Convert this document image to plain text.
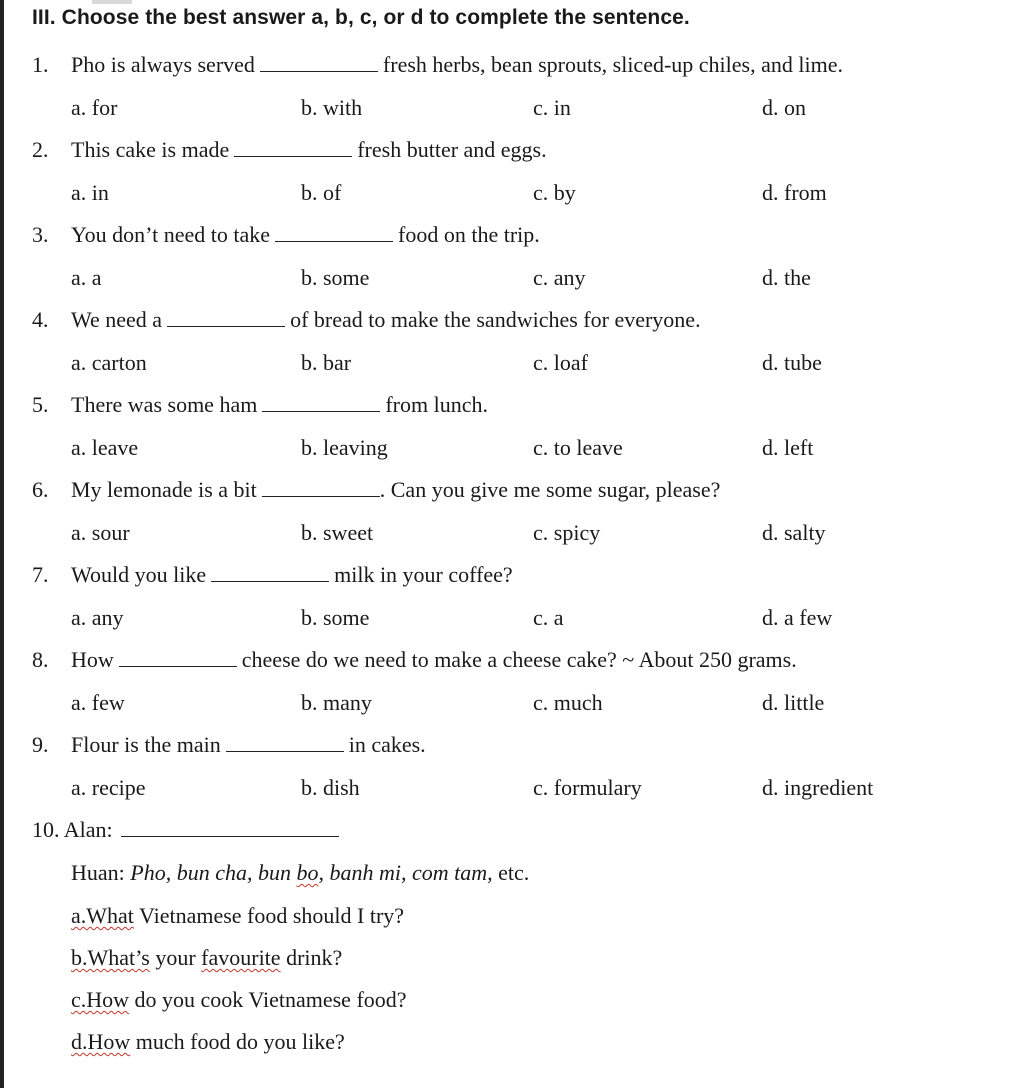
III. Choose the best answer a, b, c, or d to complete the sentence.
1. Pho is always served	fresh herbs, bean sprouts, sliced-up chiles, and lime.
a. for	b. with	c. in	d. on
2. This cake is made	fresh butter and eggs.
a. in	b. of	c. by	d. from
3. You don’t need to take	food on the trip.
a. a	b. some	c. any	d. the
4. We need a	of bread to make the sandwiches for everyone.
a. carton	b. bar	c. loaf	d. tube
5. There was some ham	from lunch.
a. leave	b. leaving	c. to leave	d. left
6. My lemonade is a bit	. Can you give me some sugar, please?
a. sour	b. sweet	c. spicy	d. salty
7. Would you like	milk in your coffee?
a. any	b. some	c. a	d. a few
8. How	cheese do we need to make a cheese cake? ~ About 250 grams.
a. few	b. many	c. much	d. little
9. Flour is the main	in cakes.
a. recipe	b. dish	c. formulary	d. ingredient
10. Alan:
Huan: Pho, bun cha, bun bo, banh mi, com tam, etc.
a.What Vietnamese food should I try?
b.What’s your favourite drink?
c.How do you cook Vietnamese food?
d.How much food do you like?
